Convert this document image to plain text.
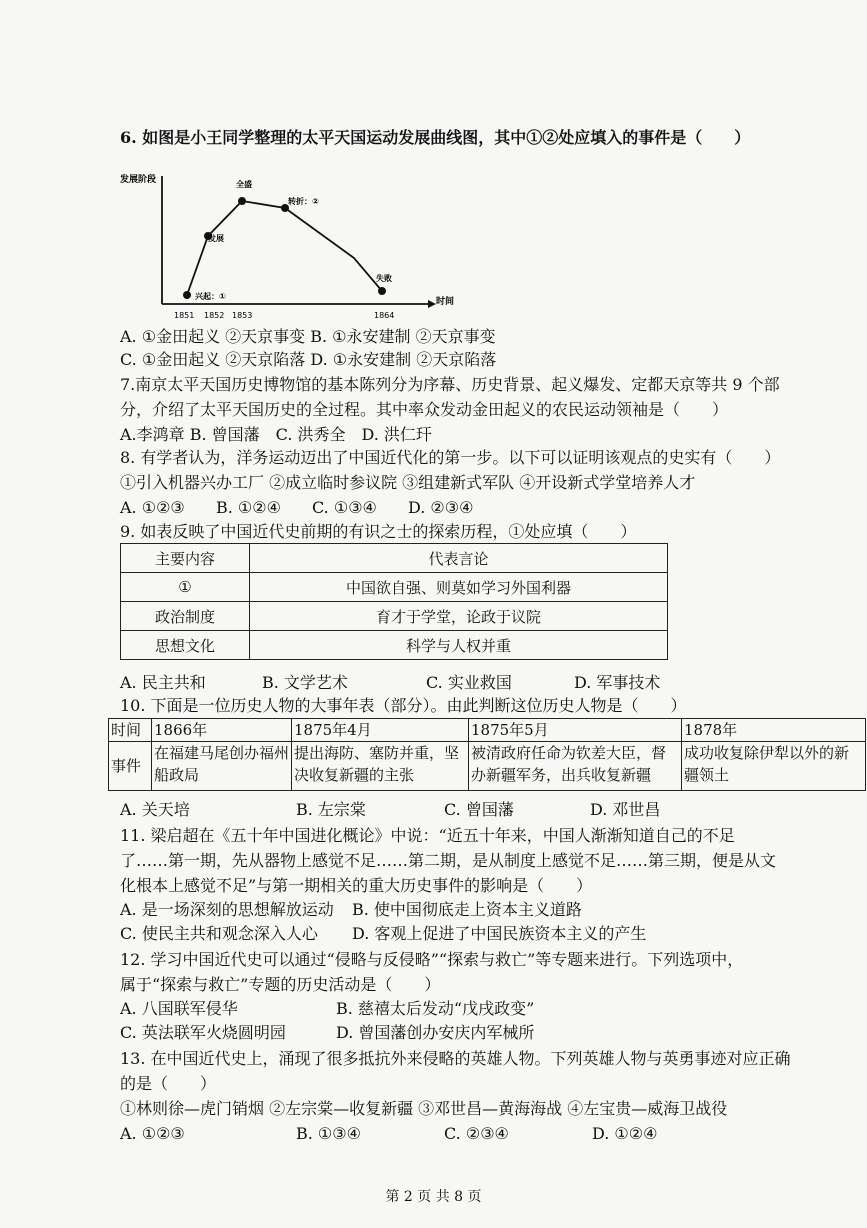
6. 如图是小王同学整理的太平天国运动发展曲线图，其中①②处应填入的事件是（　　）
发展阶段
时间
1851 1852 1853	1864
兴起：①
发展
全盛
转折：②
失败
A. ①金田起义 ②天京事变 B. ①永安建制 ②天京事变
C. ①金田起义 ②天京陷落 D. ①永安建制 ②天京陷落
7.南京太平天国历史博物馆的基本陈列分为序幕、历史背景、起义爆发、定都天京等共 9 个部
分，介绍了太平天国历史的全过程。其中率众发动金田起义的农民运动领袖是（　　）
A.李鸿章 B. 曾国藩　C. 洪秀全　D. 洪仁玕
8. 有学者认为，洋务运动迈出了中国近代化的第一步。以下可以证明该观点的史实有（　　）
①引入机器兴办工厂 ②成立临时参议院 ③组建新式军队 ④开设新式学堂培养人才
A. ①②③ B. ①②④ C. ①③④ D. ②③④
9. 如表反映了中国近代史前期的有识之士的探索历程，①处应填（　　）
主要内容	代表言论
①	中国欲自强、则莫如学习外国利器
政治制度	育才于学堂，论政于议院
思想文化	科学与人权并重
A. 民主共和	B. 文学艺术	C. 实业救国	D. 军事技术
10. 下面是一位历史人物的大事年表（部分）。由此判断这位历史人物是（　　）
时间	1866年	1875年4月	1875年5月	1878年
事件	在福建马尾创办福州船政局	提出海防、塞防并重，坚决收复新疆的主张	被清政府任命为钦差大臣，督办新疆军务，出兵收复新疆	成功收复除伊犁以外的新疆领土
A. 关天培	B. 左宗棠	C. 曾国藩	D. 邓世昌
11. 梁启超在《五十年中国进化概论》中说：“近五十年来，中国人渐渐知道自己的不足
了……第一期，先从器物上感觉不足……第二期，是从制度上感觉不足……第三期，便是从文
化根本上感觉不足”与第一期相关的重大历史事件的影响是（　　）
A. 是一场深刻的思想解放运动 B. 使中国彻底走上资本主义道路
C. 使民主共和观念深入人心 D. 客观上促进了中国民族资本主义的产生
12. 学习中国近代史可以通过“侵略与反侵略”“探索与救亡”等专题来进行。下列选项中，
属于“探索与救亡”专题的历史活动是（　　）
A. 八国联军侵华	B. 慈禧太后发动“戊戌政变”
C. 英法联军火烧圆明园	D. 曾国藩创办安庆内军械所
13. 在中国近代史上，涌现了很多抵抗外来侵略的英雄人物。下列英雄人物与英勇事迹对应正确
的是（　　）
①林则徐—虎门销烟 ②左宗棠—收复新疆 ③邓世昌—黄海海战 ④左宝贵—威海卫战役
A. ①②③	B. ①③④	C. ②③④	D. ①②④
第 2 页 共 8 页
